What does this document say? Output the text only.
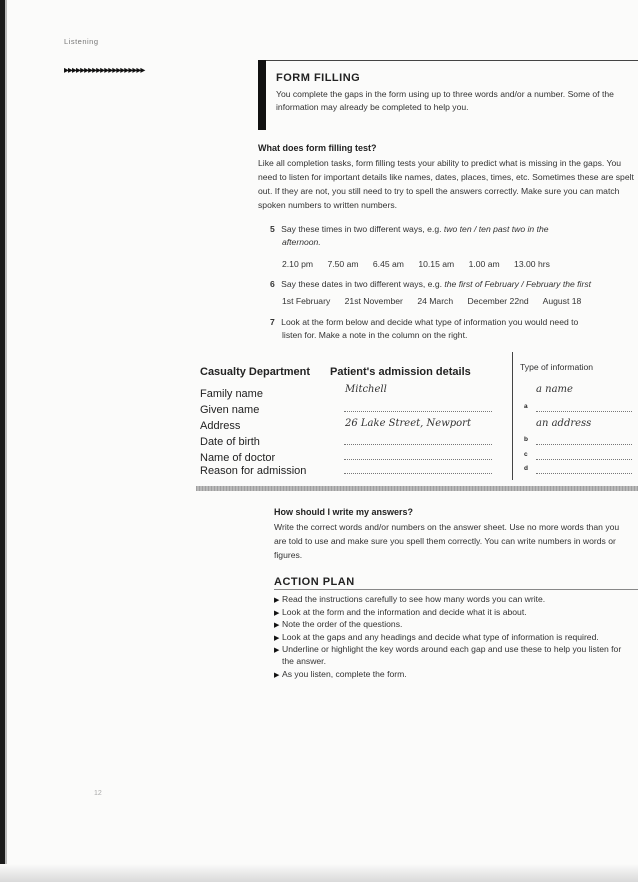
Listening
▸▸▸▸▸▸▸▸▸▸▸▸▸▸▸▸▸▸▸▸
FORM FILLING
You complete the gaps in the form using up to three words and/or a number. Some of the information may already be completed to help you.
What does form filling test?
Like all completion tasks, form filling tests your ability to predict what is missing in the gaps. You need to listen for important details like names, dates, places, times, etc. Sometimes these are spelt out. If they are not, you still need to try to spell the answers correctly. Make sure you can match spoken numbers to written numbers.
5 Say these times in two different ways, e.g. two ten / ten past two in the
afternoon.
2.10 pm 7.50 am 6.45 am 10.15 am 1.00 am 13.00 hrs
6 Say these dates in two different ways, e.g. the first of February / February the first
1st February 21st November 24 March December 22nd August 18
7 Look at the form below and decide what type of information you would need to
listen for. Make a note in the column on the right.
Casualty Department Patient's admission details	Type of information
Family name
Given name
Address
Date of birth
Name of doctor
Reason for admission
Mitchell
26 Lake Street, Newport
a name
a
an address
b
c
d
How should I write my answers?
Write the correct words and/or numbers on the answer sheet. Use no more words than you are told to use and make sure you spell them correctly. You can write numbers in words or figures.
ACTION PLAN
▶ Read the instructions carefully to see how many words you can write.
▶ Look at the form and the information and decide what it is about.
▶ Note the order of the questions.
▶ Look at the gaps and any headings and decide what type of information is required.
▶ Underline or highlight the key words around each gap and use these to help you listen for the answer.
▶ As you listen, complete the form.
12
